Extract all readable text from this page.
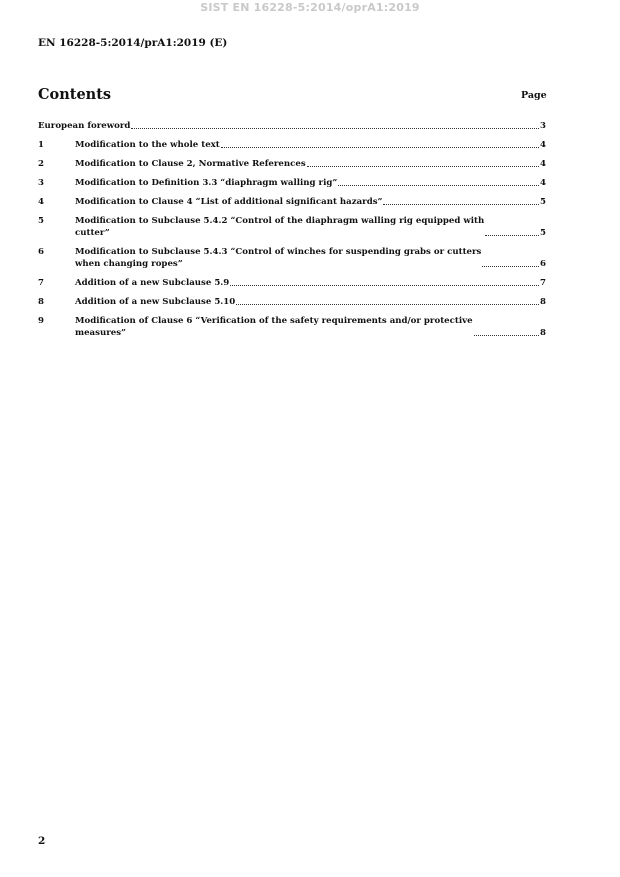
SIST EN 16228-5:2014/oprA1:2019
EN 16228-5:2014/prA1:2019 (E)
Contents	Page
European foreword	3
1	Modification to the whole text	4
2	Modification to Clause 2, Normative References	4
3	Modification to Definition 3.3 “diaphragm walling rig”	4
4	Modification to Clause 4 “List of additional significant hazards”	5
5	Modification to Subclause 5.4.2 “Control of the diaphragm walling rig equipped with
cutter”	5
6	Modification to Subclause 5.4.3 “Control of winches for suspending grabs or cutters
when changing ropes”	6
7	Addition of a new Subclause 5.9	7
8	Addition of a new Subclause 5.10	8
9	Modification of Clause 6 “Verification of the safety requirements and/or protective
measures”	8
2
